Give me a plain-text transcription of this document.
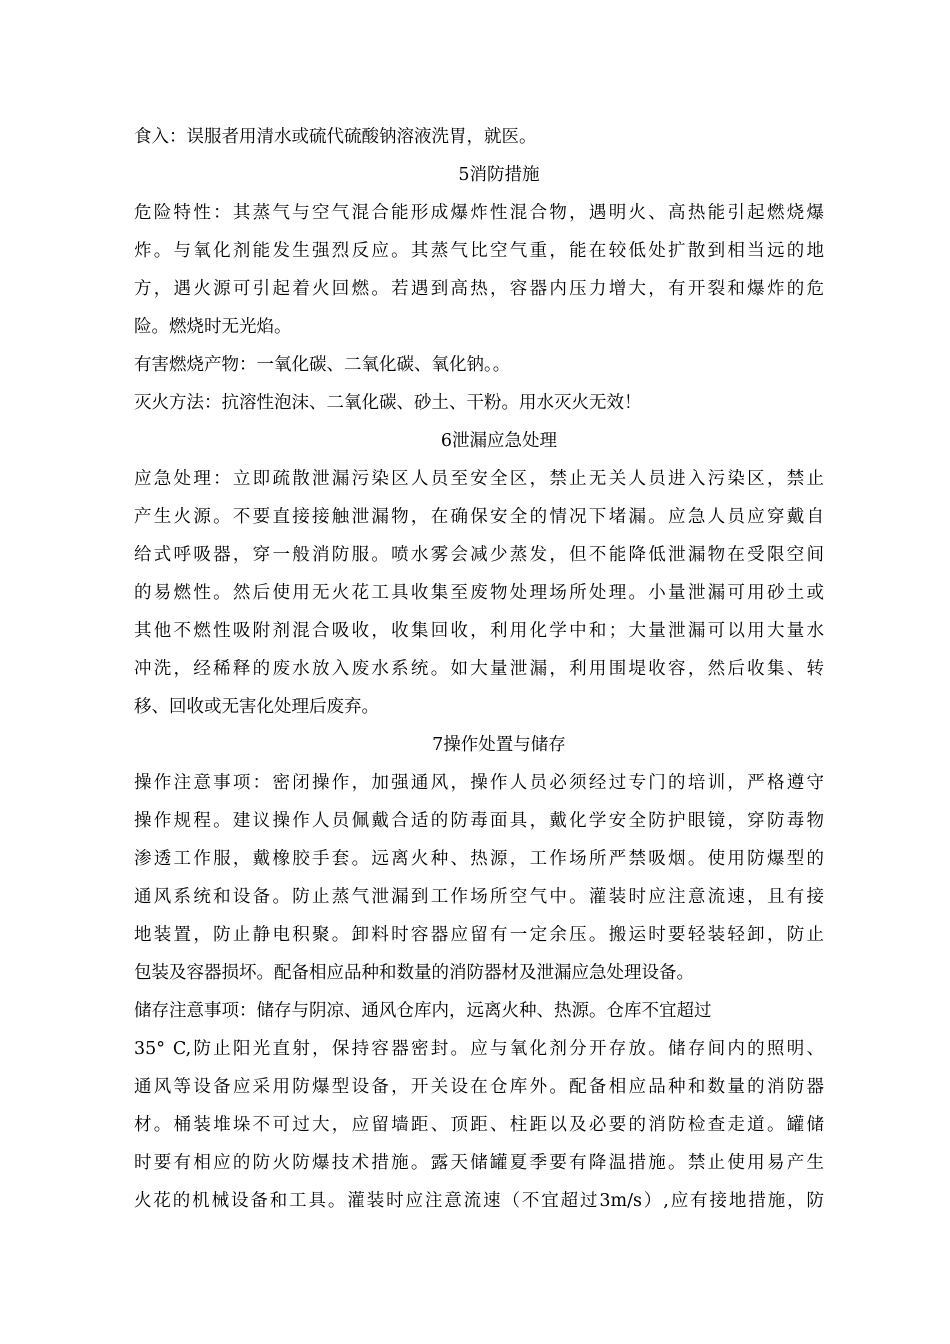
食入：误服者用清水或硫代硫酸钠溶液洗胃，就医。
5消防措施
危险特性：其蒸气与空气混合能形成爆炸性混合物，遇明火、高热能引起燃烧爆
炸。与氧化剂能发生强烈反应。其蒸气比空气重，能在较低处扩散到相当远的地
方，遇火源可引起着火回燃。若遇到高热，容器内压力增大，有开裂和爆炸的危
险。燃烧时无光焰。
有害燃烧产物：一氧化碳、二氧化碳、氧化钠。。
灭火方法：抗溶性泡沫、二氧化碳、砂土、干粉。用水灭火无效！
6泄漏应急处理
应急处理：立即疏散泄漏污染区人员至安全区，禁止无关人员进入污染区，禁止
产生火源。不要直接接触泄漏物，在确保安全的情况下堵漏。应急人员应穿戴自
给式呼吸器，穿一般消防服。喷水雾会减少蒸发，但不能降低泄漏物在受限空间
的易燃性。然后使用无火花工具收集至废物处理场所处理。小量泄漏可用砂土或
其他不燃性吸附剂混合吸收，收集回收，利用化学中和；大量泄漏可以用大量水
冲洗，经稀释的废水放入废水系统。如大量泄漏，利用围堤收容，然后收集、转
移、回收或无害化处理后废弃。
7操作处置与储存
操作注意事项：密闭操作，加强通风，操作人员必须经过专门的培训，严格遵守
操作规程。建议操作人员佩戴合适的防毒面具，戴化学安全防护眼镜，穿防毒物
渗透工作服，戴橡胶手套。远离火种、热源，工作场所严禁吸烟。使用防爆型的
通风系统和设备。防止蒸气泄漏到工作场所空气中。灌装时应注意流速，且有接
地装置，防止静电积聚。卸料时容器应留有一定余压。搬运时要轻装轻卸，防止
包装及容器损坏。配备相应品种和数量的消防器材及泄漏应急处理设备。
储存注意事项：储存与阴凉、通风仓库内，远离火种、热源。仓库不宜超过
35° C,防止阳光直射，保持容器密封。应与氧化剂分开存放。储存间内的照明、
通风等设备应采用防爆型设备，开关设在仓库外。配备相应品种和数量的消防器
材。桶装堆垛不可过大，应留墙距、顶距、柱距以及必要的消防检查走道。罐储
时要有相应的防火防爆技术措施。露天储罐夏季要有降温措施。禁止使用易产生
火花的机械设备和工具。灌装时应注意流速（不宜超过3m/s）,应有接地措施，防
